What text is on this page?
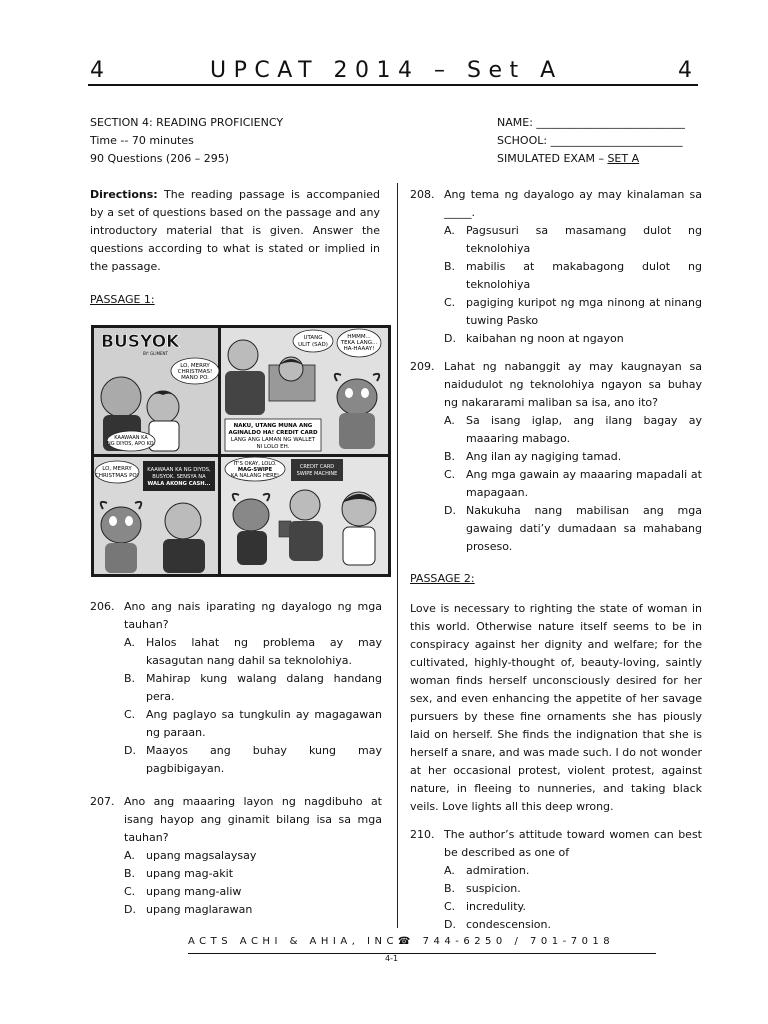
4	UPCAT 2014 – Set A	4
SECTION 4: READING PROFICIENCY
Time -- 70 minutes
90 Questions (206 – 295)
NAME: ___________________________
SCHOOL: ________________________
SIMULATED EXAM – SET A
Directions: The reading passage is accompanied by a set of questions based on the passage and any introductory material that is given. Answer the questions according to what is stated or implied in the passage.
PASSAGE 1:
BUSYOK
BY: GLIMENT
LO, MERRY
CHRISTMAS!
MANO PO.
KAAWAAN KA
NG DIYOS, APO KO.
UTANG
ULIT (SAD)
HMMM...
TEKA LANG...
HA-HAAAY!
NAKU, UTANG MUNA ANG
AGINALDO HA! CREDIT CARD
LANG ANG LAMAN NG WALLET
NI LOLO EH.
LO, MERRY
CHRISTMAS PO!
KAAWAAN KA NG DIYOS,
BUSYOK. SENSYA NA
WALA AKONG CASH...
IT'S OKAY, LOLO.
MAG-SWIPE
KA NALANG HERE!
CREDIT CARD
SWIPE MACHINE
206. Ano ang nais iparating ng dayalogo ng mga tauhan?
A. Halos lahat ng problema ay may kasagutan nang dahil sa teknolohiya.
B. Mahirap kung walang dalang handang pera.
C. Ang paglayo sa tungkulin ay magagawan ng paraan.
D. Maayos ang buhay kung may pagbibigayan.
207. Ano ang maaaring layon ng nagdibuho at isang hayop ang ginamit bilang isa sa mga tauhan?
A. upang magsalaysay
B. upang mag-akit
C. upang mang-aliw
D. upang maglarawan
208. Ang tema ng dayalogo ay may kinalaman sa _____.
A. Pagsusuri sa masamang dulot ng teknolohiya
B. mabilis at makabagong dulot ng teknolohiya
C. pagiging kuripot ng mga ninong at ninang tuwing Pasko
D. kaibahan ng noon at ngayon
209. Lahat ng nabanggit ay may kaugnayan sa naidudulot ng teknolohiya ngayon sa buhay ng nakararami maliban sa isa, ano ito?
A. Sa isang iglap, ang ilang bagay ay maaaring mabago.
B. Ang ilan ay nagiging tamad.
C. Ang mga gawain ay maaaring mapadali at mapagaan.
D. Nakukuha nang mabilisan ang mga gawaing dati’y dumadaan sa mahabang proseso.
PASSAGE 2:
Love is necessary to righting the state of woman in this world. Otherwise nature itself seems to be in conspiracy against her dignity and welfare; for the cultivated, highly-thought of, beauty-loving, saintly woman finds herself unconsciously desired for her sex, and even enhancing the appetite of her savage pursuers by these fine ornaments she has piously laid on herself. She finds the indignation that she is herself a snare, and was made such. I do not wonder at her occasional protest, violent protest, against nature, in fleeing to nunneries, and taking black veils. Love lights all this deep wrong.
210. The author’s attitude toward women can best be described as one of
A. admiration.
B. suspicion.
C. incredulity.
D. condescension.
ACTS ACHI & AHIA, INC.
☎ 744-6250 / 701-7018
4-1
